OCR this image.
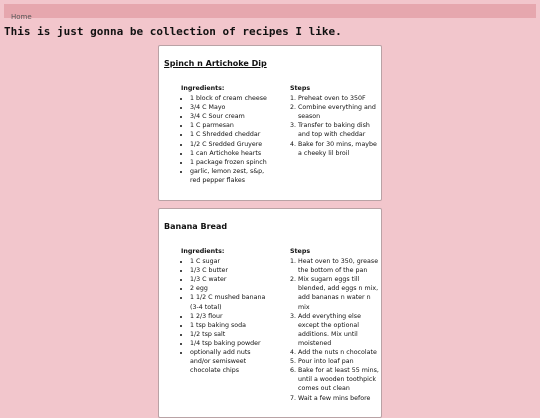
Home
This is just gonna be collection of recipes I like.
Spinch n Artichoke Dip
Ingredients:
• 1 block of cream cheese
• 3/4 C Mayo
• 3/4 C Sour cream
• 1 C parmesan
• 1 C Shredded cheddar
• 1/2 C Sredded Gruyere
• 1 can Artichoke hearts
• 1 package frozen spinch
• garlic, lemon zest, s&p, red pepper flakes
Steps
1. Preheat oven to 350F
2. Combine everything and season
3. Transfer to baking dish and top with cheddar
4. Bake for 30 mins, maybe a cheeky lil broil
Banana Bread
Ingredients:
• 1 C sugar
• 1/3 C butter
• 1/3 C water
• 2 egg
• 1 1/2 C mushed banana (3-4 total)
• 1 2/3 flour
• 1 tsp baking soda
• 1/2 tsp salt
• 1/4 tsp baking powder
• optionally add nuts and/or semisweet chocolate chips
Steps
1. Heat oven to 350, grease the bottom of the pan
2. Mix sugarn eggs till blended, add eggs n mix, add bananas n water n mix
3. Add everything else except the optional additions. Mix until moistened
4. Add the nuts n chocolate
5. Pour into loaf pan
6. Bake for at least 55 mins, until a wooden toothpick comes out clean
7. Wait a few mins before
